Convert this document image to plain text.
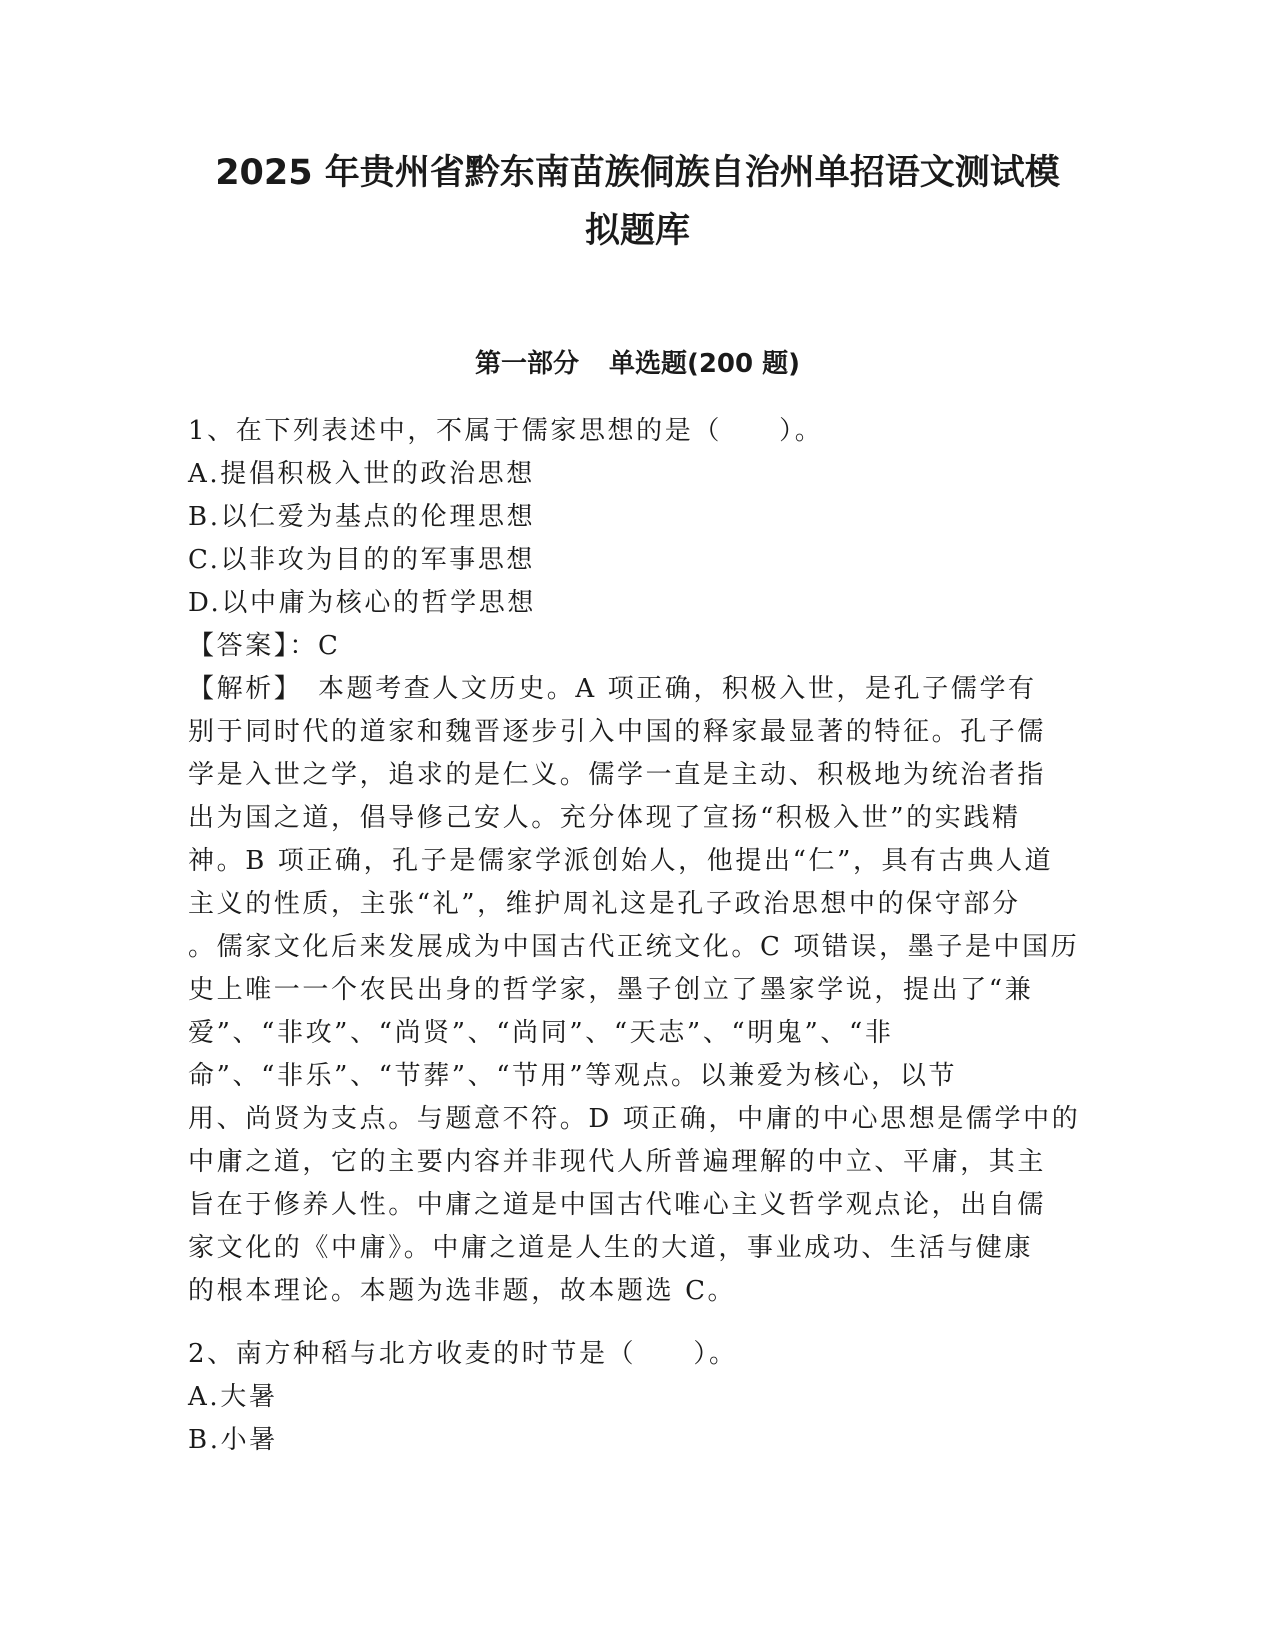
2025 年贵州省黔东南苗族侗族自治州单招语文测试模
拟题库
第一部分 单选题(200 题)

1、在下列表述中，不属于儒家思想的是（　　）。

A.提倡积极入世的政治思想

B.以仁爱为基点的伦理思想

C.以非攻为目的的军事思想

D.以中庸为核心的哲学思想

【答案】：C

【解析】　本题考查人文历史。A 项正确，积极入世，是孔子儒学有

别于同时代的道家和魏晋逐步引入中国的释家最显著的特征。孔子儒

学是入世之学，追求的是仁义。儒学一直是主动、积极地为统治者指

出为国之道，倡导修己安人。充分体现了宣扬“积极入世”的实践精

神。B 项正确，孔子是儒家学派创始人，他提出“仁”，具有古典人道

主义的性质，主张“礼”，维护周礼这是孔子政治思想中的保守部分

。儒家文化后来发展成为中国古代正统文化。C 项错误，墨子是中国历

史上唯一一个农民出身的哲学家，墨子创立了墨家学说，提出了“兼

爱”、“非攻”、“尚贤”、“尚同”、“天志”、“明鬼”、“非

命”、“非乐”、“节葬”、“节用”等观点。以兼爱为核心，以节

用、尚贤为支点。与题意不符。D 项正确，中庸的中心思想是儒学中的

中庸之道，它的主要内容并非现代人所普遍理解的中立、平庸，其主

旨在于修养人性。中庸之道是中国古代唯心主义哲学观点论，出自儒

家文化的《中庸》。中庸之道是人生的大道，事业成功、生活与健康

的根本理论。本题为选非题，故本题选 C。

2、南方种稻与北方收麦的时节是（　　）。

A.大暑

B.小暑
